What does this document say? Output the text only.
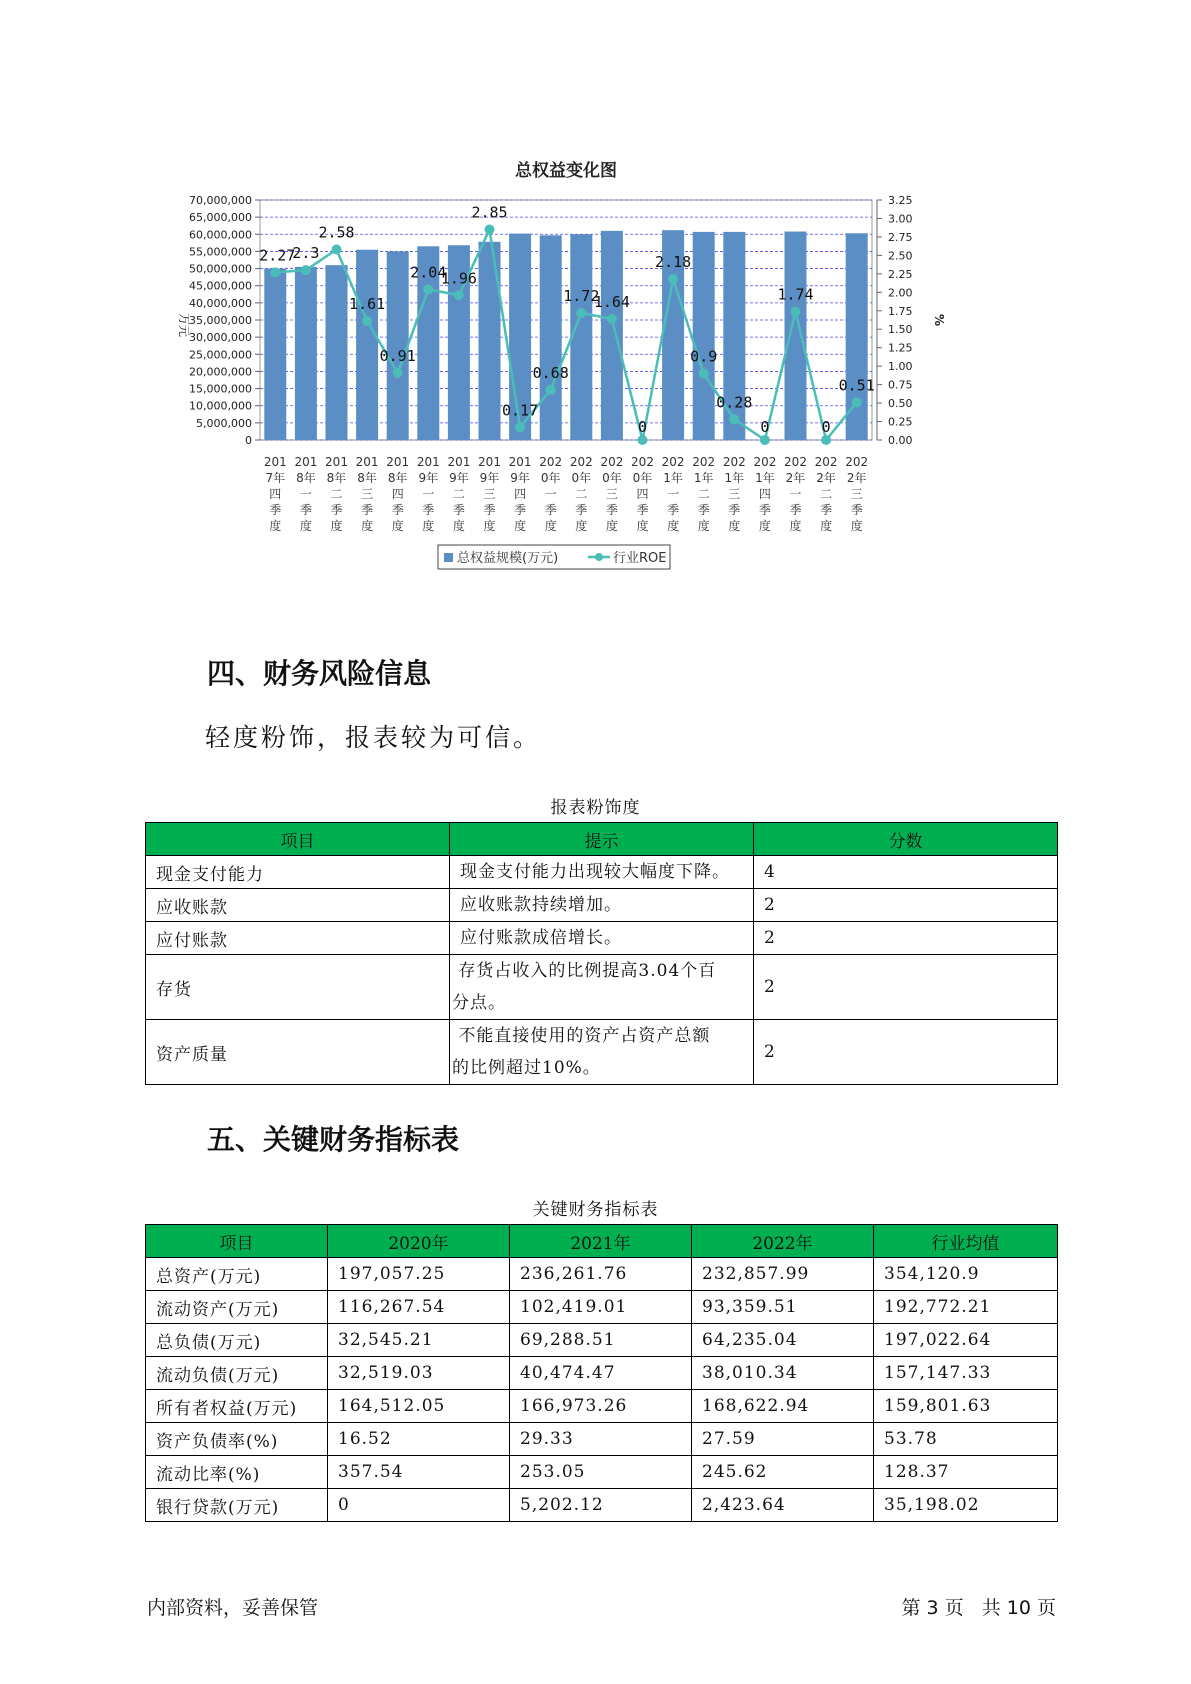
总权益变化图
70,000,000
65,000,000
60,000,000
55,000,000
50,000,000
45,000,000
40,000,000
35,000,000
30,000,000
25,000,000
20,000,000
15,000,000
10,000,000
5,000,000
0
3.25
3.00
2.75
2.50
2.25
2.00
1.75
1.50
1.25
1.00
0.75
0.50
0.25
0.00
万元	%
201
7年
四
季
度
201
8年
一
季
度
201
8年
二
季
度
201
8年
三
季
度
201
8年
四
季
度
201
9年
一
季
度
201
9年
二
季
度
201
9年
三
季
度
201
9年
四
季
度
202
0年
一
季
度
202
0年
二
季
度
202
0年
三
季
度
202
0年
四
季
度
202
1年
一
季
度
202
1年
二
季
度
202
1年
三
季
度
202
1年
四
季
度
202
2年
一
季
度
202
2年
二
季
度
202
2年
三
季
度
2.27
2.3
2.58
1.61
0.91
2.04
1.96
2.85
0.17
0.68
1.72
1.64
0
2.18
0.9
0.28
0
1.74
0
0.51
总权益规模(万元)	行业ROE
四、财务风险信息
轻度粉饰，报表较为可信。
报表粉饰度
项目	提示	分数
现金支付能力	现金支付能力出现较大幅度下降。	4
应收账款	应收账款持续增加。	2
应付账款	应付账款成倍增长。	2
存货	存货占收入的比例提高3.04个百
分点。	2
资产质量	不能直接使用的资产占资产总额
的比例超过10%。	2
五、关键财务指标表
关键财务指标表
项目	2020年	2021年	2022年	行业均值
总资产(万元)	197,057.25	236,261.76	232,857.99	354,120.9
流动资产(万元)	116,267.54	102,419.01	93,359.51	192,772.21
总负债(万元)	32,545.21	69,288.51	64,235.04	197,022.64
流动负债(万元)	32,519.03	40,474.47	38,010.34	157,147.33
所有者权益(万元)	164,512.05	166,973.26	168,622.94	159,801.63
资产负债率(%)	16.52	29.33	27.59	53.78
流动比率(%)	357.54	253.05	245.62	128.37
银行贷款(万元)	0	5,202.12	2,423.64	35,198.02
内部资料，妥善保管	第 3 页   共 10 页
